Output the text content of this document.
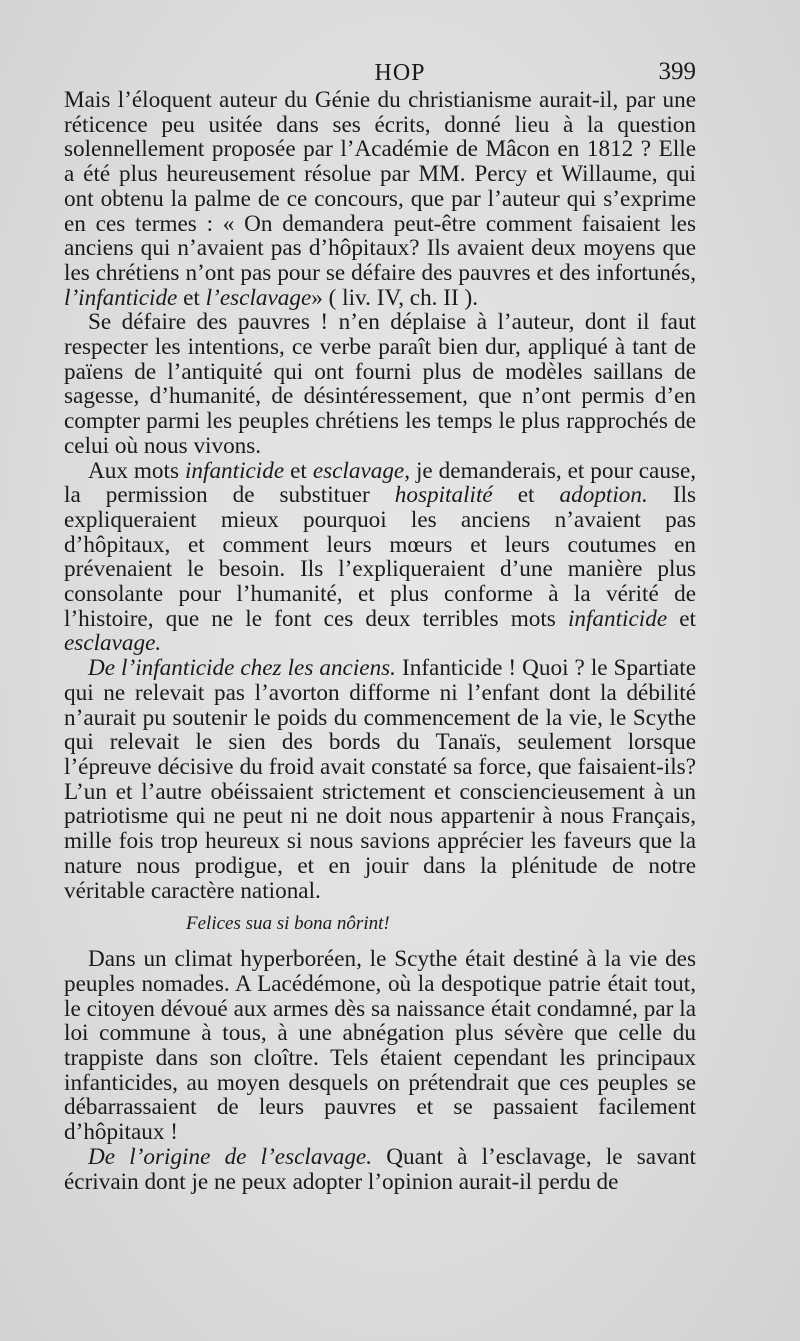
HOP	399

Mais l’éloquent auteur du Génie du christianisme aurait-il, par une réticence peu usitée dans ses écrits, donné lieu à la question solennellement proposée par l’Académie de Mâcon en 1812 ? Elle a été plus heureusement résolue par MM. Percy et Willaume, qui ont obtenu la palme de ce concours, que par l’auteur qui s’exprime en ces termes : « On demandera peut-être comment faisaient les anciens qui n’avaient pas d’hôpitaux? Ils avaient deux moyens que les chrétiens n’ont pas pour se défaire des pauvres et des infortunés, l’infanticide et l’esclavage» ( liv. IV, ch. II ).

Se défaire des pauvres ! n’en déplaise à l’auteur, dont il faut respecter les intentions, ce verbe paraît bien dur, appliqué à tant de païens de l’antiquité qui ont fourni plus de modèles saillans de sagesse, d’humanité, de désintéressement, que n’ont permis d’en compter parmi les peuples chrétiens les temps le plus rapprochés de celui où nous vivons.

Aux mots infanticide et esclavage, je demanderais, et pour cause, la permission de substituer hospitalité et adoption. Ils expliqueraient mieux pourquoi les anciens n’avaient pas d’hôpitaux, et comment leurs mœurs et leurs coutumes en prévenaient le besoin. Ils l’expliqueraient d’une manière plus consolante pour l’humanité, et plus conforme à la vérité de l’histoire, que ne le font ces deux terribles mots infanticide et esclavage.

De l’infanticide chez les anciens. Infanticide ! Quoi ? le Spartiate qui ne relevait pas l’avorton difforme ni l’enfant dont la débilité n’aurait pu soutenir le poids du commencement de la vie, le Scythe qui relevait le sien des bords du Tanaïs, seulement lorsque l’épreuve décisive du froid avait constaté sa force, que faisaient-ils? L’un et l’autre obéissaient strictement et consciencieusement à un patriotisme qui ne peut ni ne doit nous appartenir à nous Français, mille fois trop heureux si nous savions apprécier les faveurs que la nature nous prodigue, et en jouir dans la plénitude de notre véritable caractère national.

Felices sua si bona nôrint!

Dans un climat hyperboréen, le Scythe était destiné à la vie des peuples nomades. A Lacédémone, où la despotique patrie était tout, le citoyen dévoué aux armes dès sa naissance était condamné, par la loi commune à tous, à une abnégation plus sévère que celle du trappiste dans son cloître. Tels étaient cependant les principaux infanticides, au moyen desquels on prétendrait que ces peuples se débarrassaient de leurs pauvres et se passaient facilement d’hôpitaux !

De l’origine de l’esclavage. Quant à l’esclavage, le savant écrivain dont je ne peux adopter l’opinion aurait-il perdu de
